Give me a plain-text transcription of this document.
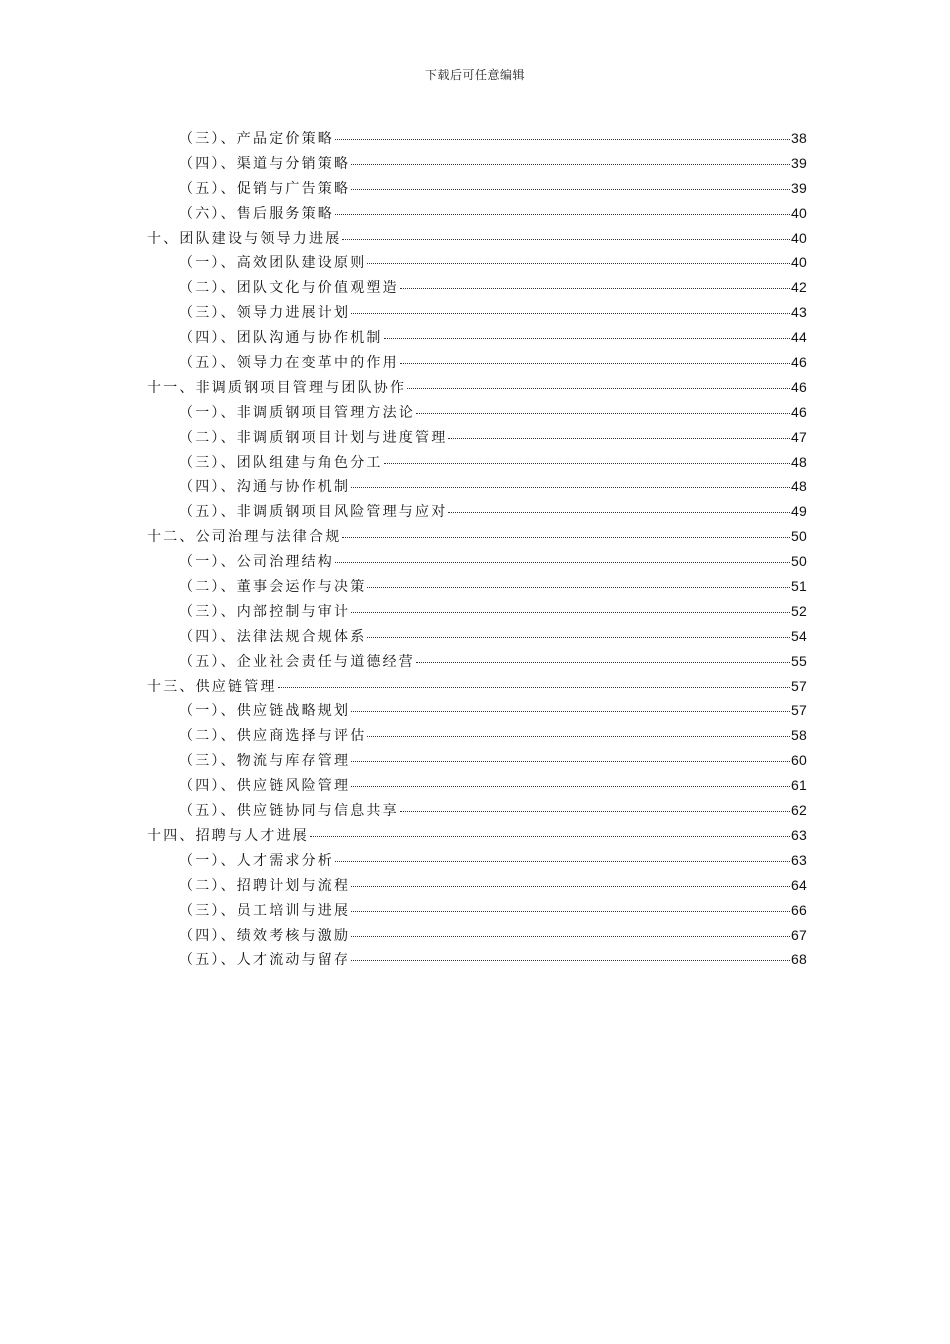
下载后可任意编辑
（三）、产品定价策略	38
（四）、渠道与分销策略	39
（五）、促销与广告策略	39
（六）、售后服务策略	40
十、团队建设与领导力进展	40
（一）、高效团队建设原则	40
（二）、团队文化与价值观塑造	42
（三）、领导力进展计划	43
（四）、团队沟通与协作机制	44
（五）、领导力在变革中的作用	46
十一、非调质钢项目管理与团队协作	46
（一）、非调质钢项目管理方法论	46
（二）、非调质钢项目计划与进度管理	47
（三）、团队组建与角色分工	48
（四）、沟通与协作机制	48
（五）、非调质钢项目风险管理与应对	49
十二、公司治理与法律合规	50
（一）、公司治理结构	50
（二）、董事会运作与决策	51
（三）、内部控制与审计	52
（四）、法律法规合规体系	54
（五）、企业社会责任与道德经营	55
十三、供应链管理	57
（一）、供应链战略规划	57
（二）、供应商选择与评估	58
（三）、物流与库存管理	60
（四）、供应链风险管理	61
（五）、供应链协同与信息共享	62
十四、招聘与人才进展	63
（一）、人才需求分析	63
（二）、招聘计划与流程	64
（三）、员工培训与进展	66
（四）、绩效考核与激励	67
（五）、人才流动与留存	68
